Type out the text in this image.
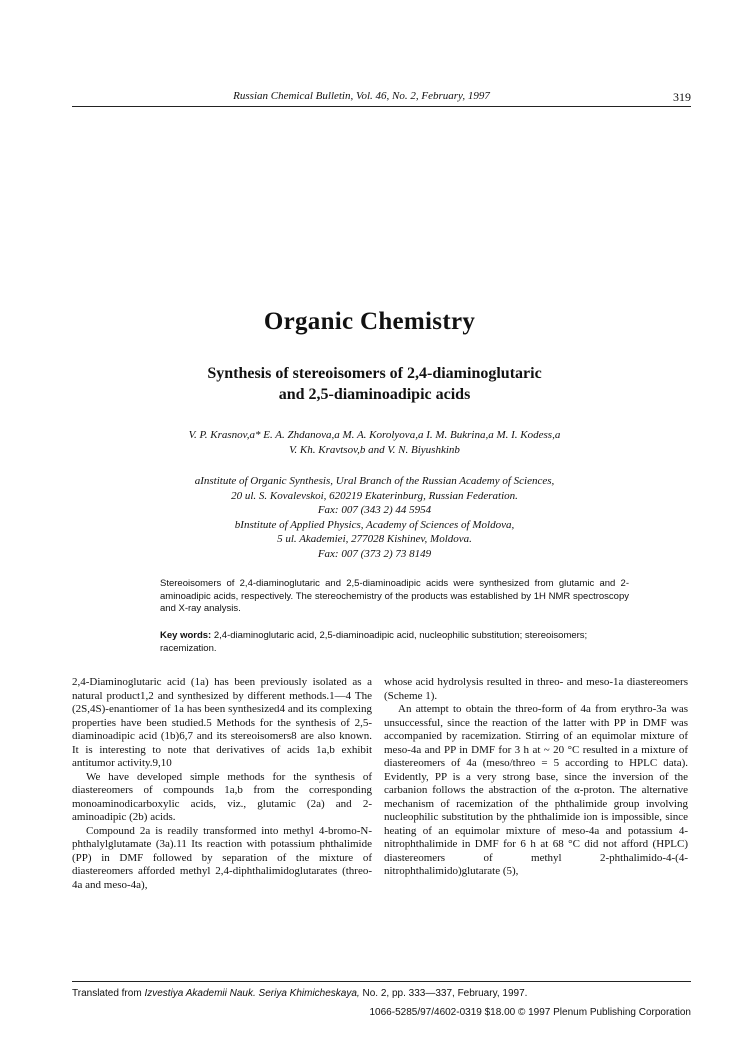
Russian Chemical Bulletin, Vol. 46, No. 2, February, 1997	319
Organic Chemistry
Synthesis of stereoisomers of 2,4-diaminoglutaric
and 2,5-diaminoadipic acids
V. P. Krasnov,a* E. A. Zhdanova,a M. A. Korolyova,a I. M. Bukrina,a M. I. Kodess,a
V. Kh. Kravtsov,b and V. N. Biyushkinb
aInstitute of Organic Synthesis, Ural Branch of the Russian Academy of Sciences,
20 ul. S. Kovalevskoi, 620219 Ekaterinburg, Russian Federation.
Fax: 007 (343 2) 44 5954
bInstitute of Applied Physics, Academy of Sciences of Moldova,
5 ul. Akademiei, 277028 Kishinev, Moldova.
Fax: 007 (373 2) 73 8149
Stereoisomers of 2,4-diaminoglutaric and 2,5-diaminoadipic acids were synthesized from glutamic and 2-aminoadipic acids, respectively. The stereochemistry of the products was established by 1H NMR spectroscopy and X-ray analysis.
Key words: 2,4-diaminoglutaric acid, 2,5-diaminoadipic acid, nucleophilic substitution; stereoisomers; racemization.

2,4-Diaminoglutaric acid (1a) has been previously isolated as a natural product1,2 and synthesized by different methods.1—4 The (2S,4S)-enantiomer of 1a has been synthesized4 and its complexing properties have been studied.5 Methods for the synthesis of 2,5-diaminoadipic acid (1b)6,7 and its stereoisomers8 are also known. It is interesting to note that derivatives of acids 1a,b exhibit antitumor activity.9,10

We have developed simple methods for the synthesis of diastereomers of compounds 1a,b from the corresponding monoaminodicarboxylic acids, viz., glutamic (2a) and 2-aminoadipic (2b) acids.

Compound 2a is readily transformed into methyl 4-bromo-N-phthalylglutamate (3a).11 Its reaction with potassium phthalimide (PP) in DMF followed by separation of the mixture of diastereomers afforded methyl 2,4-diphthalimidoglutarates (threo-4a and meso-4a),

whose acid hydrolysis resulted in threo- and meso-1a diastereomers (Scheme 1).

An attempt to obtain the threo-form of 4a from erythro-3a was unsuccessful, since the reaction of the latter with PP in DMF was accompanied by racemization. Stirring of an equimolar mixture of meso-4a and PP in DMF for 3 h at ~ 20 °C resulted in a mixture of diastereomers of 4a (meso/threo = 5 according to HPLC data). Evidently, PP is a very strong base, since the inversion of the carbanion follows the abstraction of the α-proton. The alternative mechanism of racemization of the phthalimide group involving nucleophilic substitution by the phthalimide ion is impossible, since heating of an equimolar mixture of meso-4a and potassium 4-nitrophthalimide in DMF for 6 h at 68 °C did not afford (HPLC) diastereomers of methyl 2-phthalimido-4-(4-nitrophthalimido)glutarate (5),

Translated from Izvestiya Akademii Nauk. Seriya Khimicheskaya, No. 2, pp. 333—337, February, 1997.
1066-5285/97/4602-0319 $18.00 © 1997 Plenum Publishing Corporation
